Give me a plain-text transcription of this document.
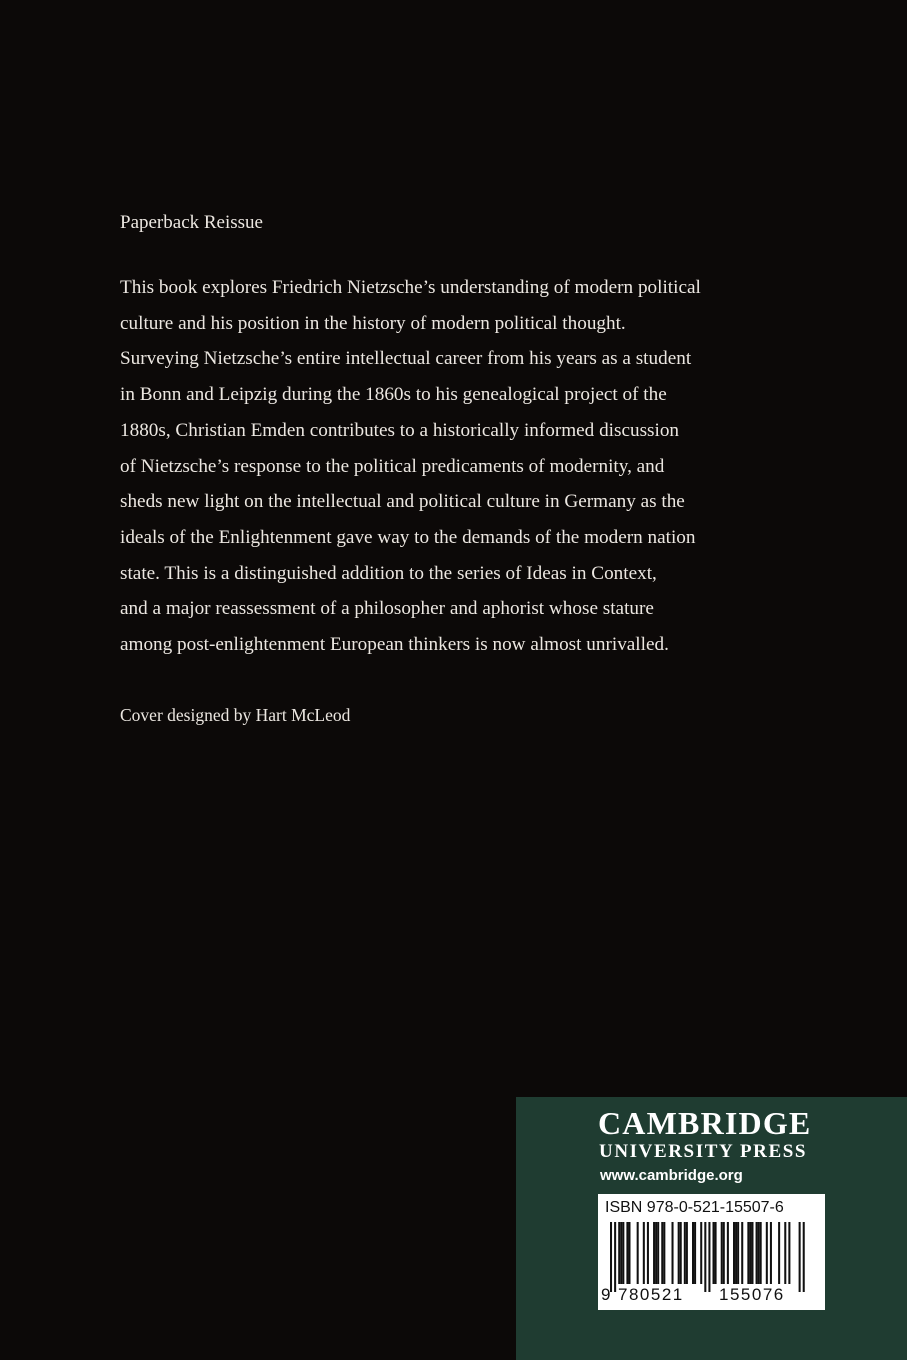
Paperback Reissue

This book explores Friedrich Nietzsche’s understanding of modern political
culture and his position in the history of modern political thought.
Surveying Nietzsche’s entire intellectual career from his years as a student
in Bonn and Leipzig during the 1860s to his genealogical project of the
1880s, Christian Emden contributes to a historically informed discussion
of Nietzsche’s response to the political predicaments of modernity, and
sheds new light on the intellectual and political culture in Germany as the
ideals of the Enlightenment gave way to the demands of the modern nation
state. This is a distinguished addition to the series of Ideas in Context,
and a major reassessment of a philosopher and aphorist whose stature
among post-enlightenment European thinkers is now almost unrivalled.

Cover designed by Hart McLeod

CAMBRIDGE
UNIVERSITY PRESS
www.cambridge.org
ISBN 978-0-521-15507-6
9 780521 155076
